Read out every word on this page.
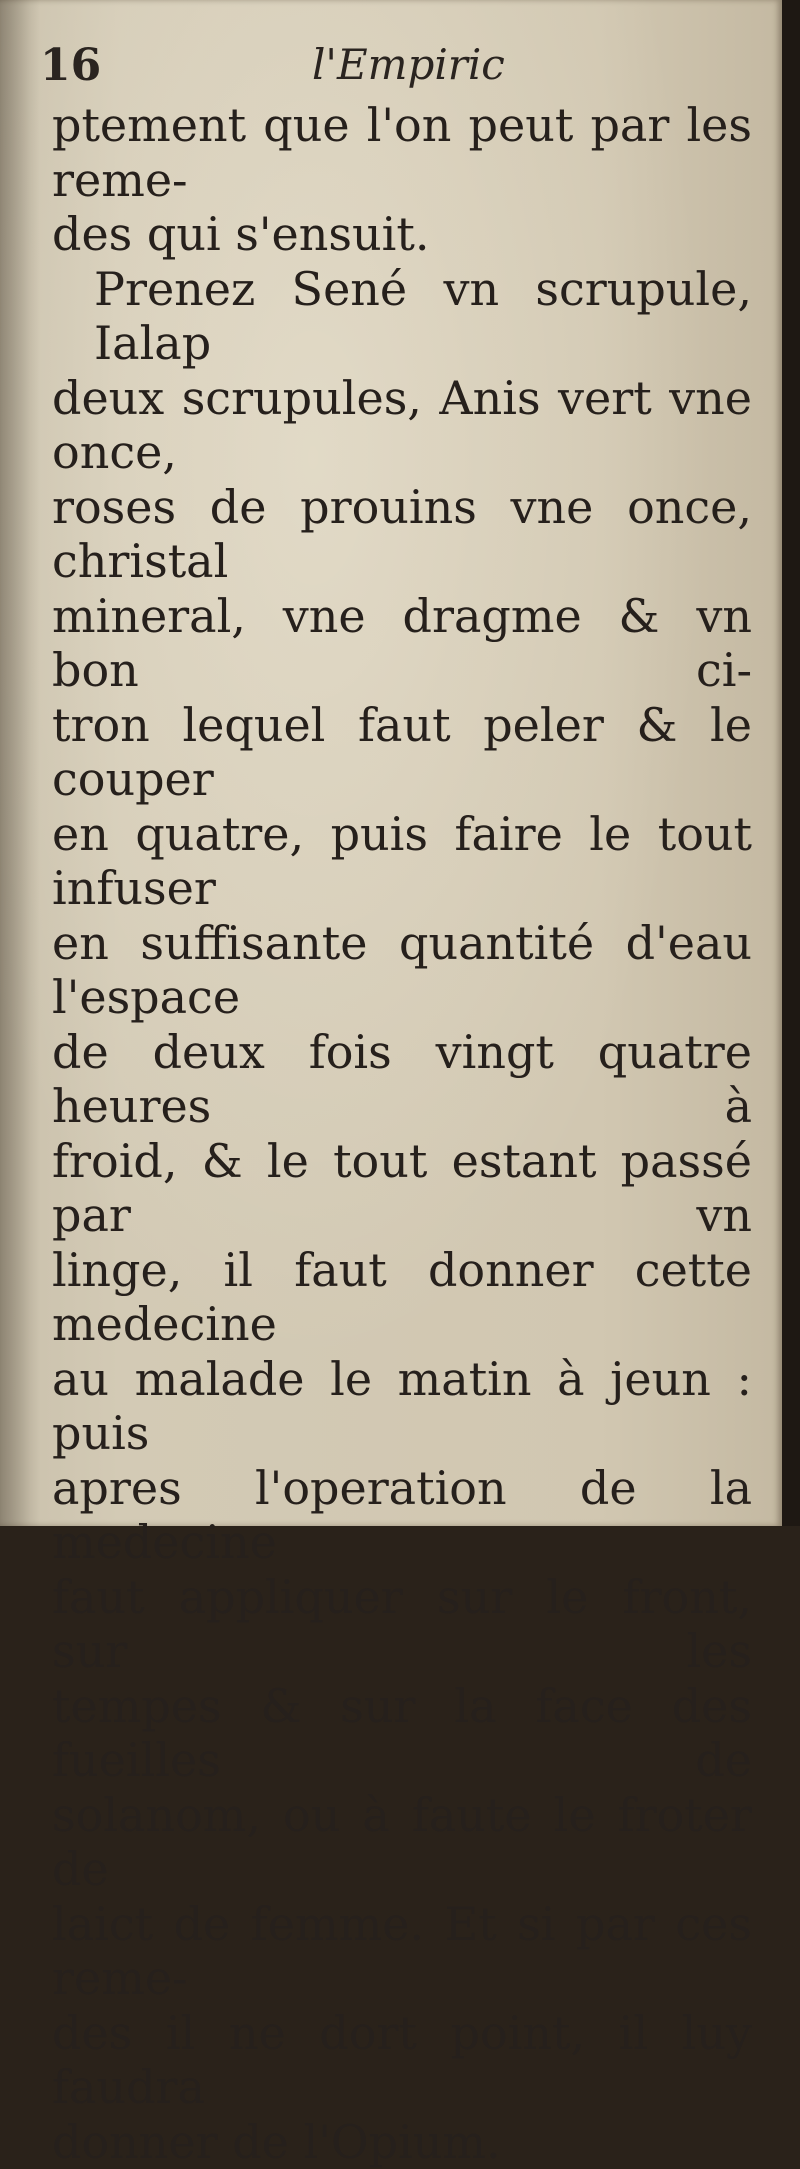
16	l'Empiric
ptement que l'on peut par les reme-
des qui s'ensuit.
Prenez Sené vn scrupule, Ialap
deux scrupules, Anis vert vne once,
roses de prouins vne once, christal
mineral, vne dragme & vn bon ci-
tron lequel faut peler & le couper
en quatre, puis faire le tout infuser
en suffisante quantité d'eau l'espace
de deux fois vingt quatre heures à
froid, & le tout estant passé par vn
linge, il faut donner cette medecine
au malade le matin à jeun : puis
apres l'operation de la medecine
faut appliquer sur le front, sur les
tempes & sur la face des fueilles de
solanom, ou à faute le froter de
laict de femme. Et si par ces reme-
des il ne dort point, il luy faudra
donner de l'Opium.
